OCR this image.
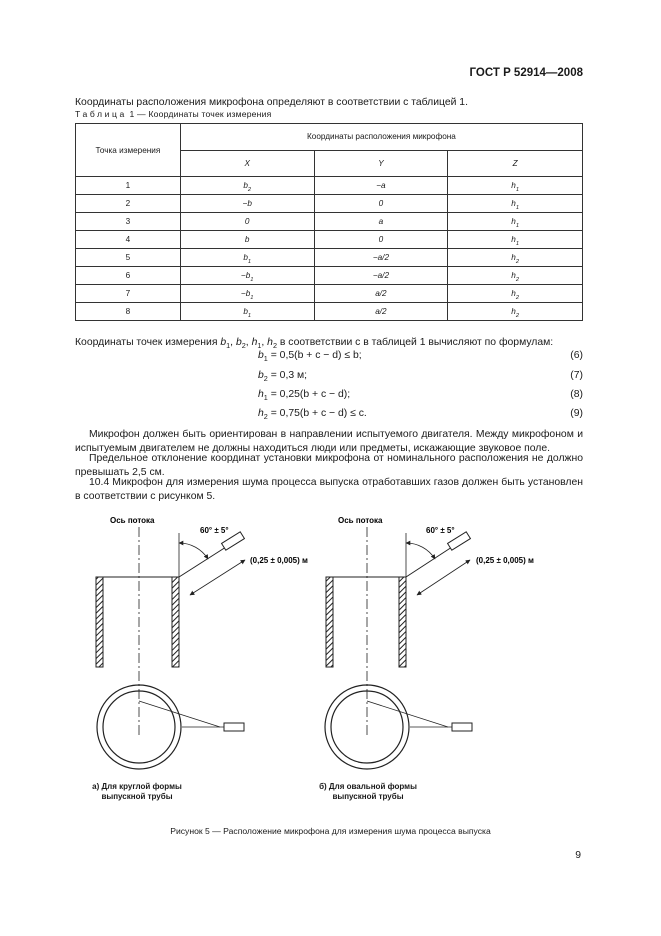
ГОСТ Р 52914—2008
Координаты расположения микрофона определяют в соответствии с таблицей 1.
Таблица 1 — Координаты точек измерения
Точка измерения	Координаты расположения микрофона		
	X	Y	Z
1	$b_2$	−a	$h_1$
2	−b	0	$h_1$
3	0	a	$h_1$
4	b	0	$h_1$
5	$b_1$	−a/2	$h_2$
6	$-b_1$	−a/2	$h_2$
7	$-b_1$	a/2	$h_2$
8	$b_1$	a/2	$h_2$
Координаты точек измерения $b_1$, $b_2$, $h_1$, $h_2$ в соответствии с в таблицей 1 вычисляют по формулам:
$b_1 = 0,5(b + c - d) \le b$;	(6)
$b_2 = 0,3$ м;	(7)
$h_1 = 0,25(b + c - d)$;	(8)
$h_2 = 0,75(b + c - d) \le c$.	(9)
Микрофон должен быть ориентирован в направлении испытуемого двигателя. Между микрофоном и испытуемым двигателем не должны находиться люди или предметы, искажающие звуковое поле.
Предельное отклонение координат установки микрофона от номинального расположения не должно превышать 2,5 см.
10.4 Микрофон для измерения шума процесса выпуска отработавших газов должен быть установлен в соответствии с рисунком 5.
Ось потока
60° ± 5°
(0,25 ± 0,005) м
Ось потока
60° ± 5°
(0,25 ± 0,005) м
а) Для круглой формы
выпускной трубы
б) Для овальной формы
выпускной трубы
Рисунок 5 — Расположение микрофона для измерения шума процесса выпуска
9
